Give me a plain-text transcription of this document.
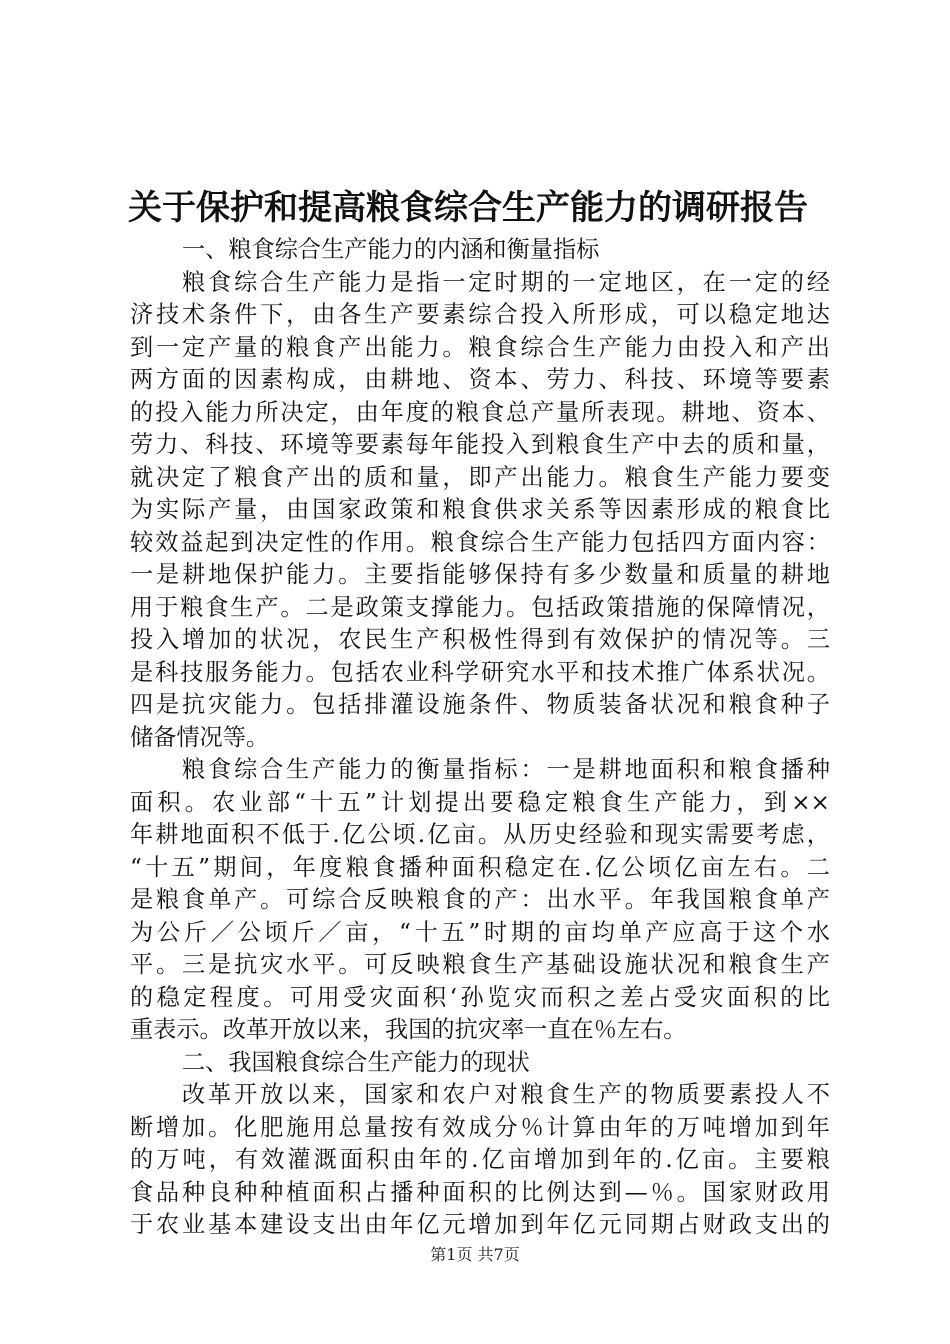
关于保护和提高粮食综合生产能力的调研报告

一、粮食综合生产能力的内涵和衡量指标

粮食综合生产能力是指一定时期的一定地区，在一定的经

济技术条件下，由各生产要素综合投入所形成，可以稳定地达

到一定产量的粮食产出能力。粮食综合生产能力由投入和产出

两方面的因素构成，由耕地、资本、劳力、科技、环境等要素

的投入能力所决定，由年度的粮食总产量所表现。耕地、资本、

劳力、科技、环境等要素每年能投入到粮食生产中去的质和量，

就决定了粮食产出的质和量，即产出能力。粮食生产能力要变

为实际产量，由国家政策和粮食供求关系等因素形成的粮食比

较效益起到决定性的作用。粮食综合生产能力包括四方面内容：

一是耕地保护能力。主要指能够保持有多少数量和质量的耕地

用于粮食生产。二是政策支撑能力。包括政策措施的保障情况，

投入增加的状况，农民生产积极性得到有效保护的情况等。三

是科技服务能力。包括农业科学研究水平和技术推广体系状况。

四是抗灾能力。包括排灌设施条件、物质装备状况和粮食种子

储备情况等。

粮食综合生产能力的衡量指标：一是耕地面积和粮食播种

面积。农业部“十五”计划提出要稳定粮食生产能力，到××

年耕地面积不低于.亿公顷.亿亩。从历史经验和现实需要考虑，

“十五”期间，年度粮食播种面积稳定在.亿公顷亿亩左右。二

是粮食单产。可综合反映粮食的产：出水平。年我国粮食单产

为公斤／公顷斤／亩，“十五”时期的亩均单产应高于这个水

平。三是抗灾水平。可反映粮食生产基础设施状况和粮食生产

的稳定程度。可用受灾面积‘孙览灾而积之差占受灾面积的比

重表示。改革开放以来，我国的抗灾率一直在％左右。

二、我国粮食综合生产能力的现状

改革开放以来，国家和农户对粮食生产的物质要素投人不

断增加。化肥施用总量按有效成分％计算由年的万吨增加到年

的万吨，有效灌溉面积由年的.亿亩增加到年的.亿亩。主要粮

食品种良种种植面积占播种面积的比例达到—％。国家财政用

于农业基本建设支出由年亿元增加到年亿元同期占财政支出的

第1页 共7页
